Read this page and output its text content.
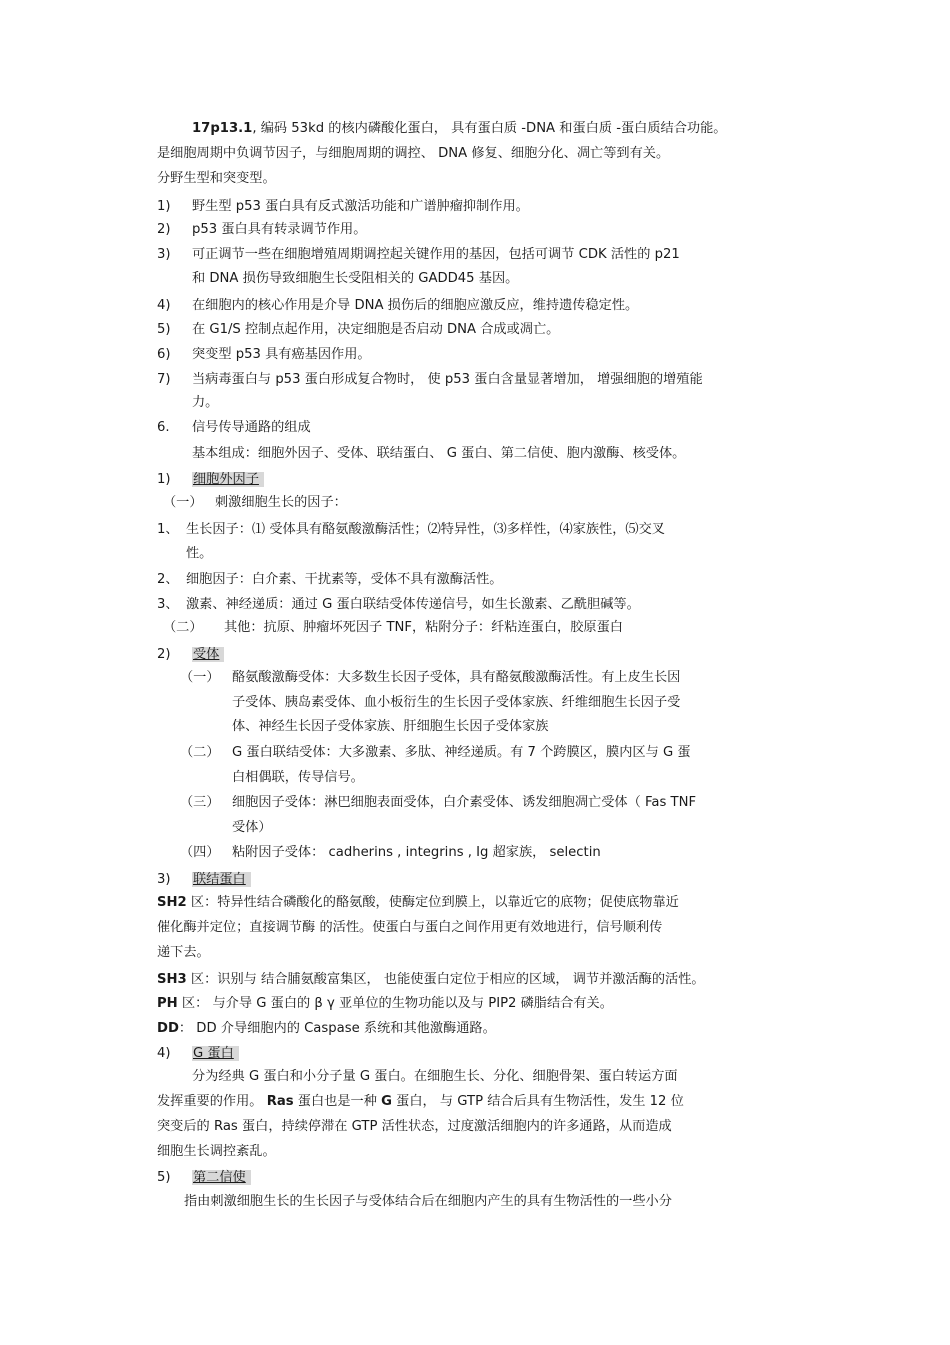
17p13.1, 编码 53kd 的核内磷酸化蛋白， 具有蛋白质 -DNA 和蛋白质 -蛋白质结合功能。
是细胞周期中负调节因子，与细胞周期的调控、 DNA 修复、细胞分化、凋亡等到有关。
分野生型和突变型。
1) 野生型 p53 蛋白具有反式激活功能和广谱肿瘤抑制作用。
2) p53 蛋白具有转录调节作用。
3) 可正调节一些在细胞增殖周期调控起关键作用的基因，包括可调节 CDK 活性的 p21
和 DNA 损伤导致细胞生长受阻相关的 GADD45 基因。
4) 在细胞内的核心作用是介导 DNA 损伤后的细胞应激反应，维持遗传稳定性。
5) 在 G1/S 控制点起作用，决定细胞是否启动 DNA 合成或凋亡。
6) 突变型 p53 具有癌基因作用。
7) 当病毒蛋白与 p53 蛋白形成复合物时， 使 p53 蛋白含量显著增加， 增强细胞的增殖能
力。
6. 信号传导通路的组成
基本组成：细胞外因子、受体、联结蛋白、 G 蛋白、第二信使、胞内激酶、核受体。
1) 细胞外因子
（一） 刺激细胞生长的因子：
1、 生长因子：⑴ 受体具有酪氨酸激酶活性；⑵特异性，⑶多样性，⑷家族性，⑸交叉
性。
2、 细胞因子：白介素、干扰素等，受体不具有激酶活性。
3、 激素、神经递质：通过 G 蛋白联结受体传递信号，如生长激素、乙酰胆碱等。
（二） 其他：抗原、肿瘤坏死因子 TNF，粘附分子：纤粘连蛋白，胶原蛋白
2) 受体
（一） 酪氨酸激酶受体：大多数生长因子受体，具有酪氨酸激酶活性。有上皮生长因
子受体、胰岛素受体、血小板衍生的生长因子受体家族、纤维细胞生长因子受
体、神经生长因子受体家族、肝细胞生长因子受体家族
（二） G 蛋白联结受体：大多激素、多肽、神经递质。有 7 个跨膜区，膜内区与 G 蛋
白相偶联，传导信号。
（三） 细胞因子受体：淋巴细胞表面受体，白介素受体、诱发细胞凋亡受体（ Fas TNF
受体）
（四） 粘附因子受体： cadherins , integrins , Ig 超家族， selectin
3) 联结蛋白
SH2 区：特异性结合磷酸化的酪氨酸，使酶定位到膜上，以靠近它的底物；促使底物靠近
催化酶并定位；直接调节酶 的活性。使蛋白与蛋白之间作用更有效地进行，信号顺利传
递下去。
SH3 区：识别与 结合脯氨酸富集区， 也能使蛋白定位于相应的区域， 调节并激活酶的活性。
PH 区： 与介导 G 蛋白的 β γ 亚单位的生物功能以及与 PIP2 磷脂结合有关。
DD： DD 介导细胞内的 Caspase 系统和其他激酶通路。
4) G 蛋白
分为经典 G 蛋白和小分子量 G 蛋白。在细胞生长、分化、细胞骨架、蛋白转运方面
发挥重要的作用。 Ras 蛋白也是一种 G 蛋白， 与 GTP 结合后具有生物活性，发生 12 位
突变后的 Ras 蛋白，持续停滞在 GTP 活性状态，过度激活细胞内的许多通路，从而造成
细胞生长调控紊乱。
5) 第二信使
指由刺激细胞生长的生长因子与受体结合后在细胞内产生的具有生物活性的一些小分
